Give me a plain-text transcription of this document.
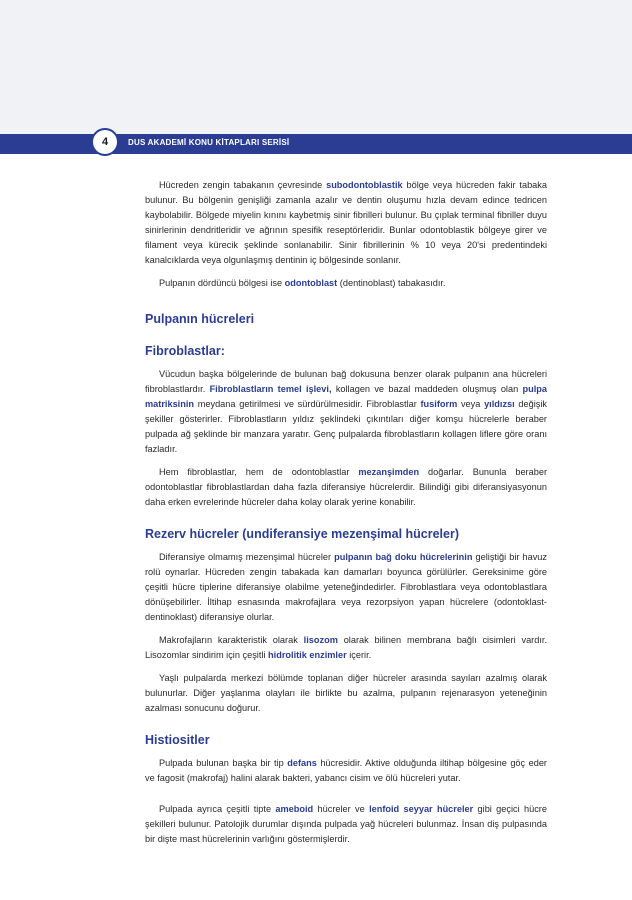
DUS AKADEMİ KONU KİTAPLARI SERİSİ
4

Hücreden zengin tabakanın çevresinde subodontoblastik bölge veya hücreden fakir tabaka bulunur. Bu bölgenin genişliği zamanla azalır ve dentin oluşumu hızla devam edince tedricen kaybolabilir. Bölgede miyelin kınını kaybetmiş sinir fibrilleri bulunur. Bu çıplak terminal fibriller duyu sinirlerinin dendritleridir ve ağrının spesifik reseptörleridir. Bunlar odontoblastik bölgeye girer ve filament veya kürecik şeklinde sonlanabilir. Sinir fibrillerinin % 10 veya 20'si predentindeki kanalcıklarda veya olgunlaşmış dentinin iç bölgesinde sonlanır.

Pulpanın dördüncü bölgesi ise odontoblast (dentinoblast) tabakasıdır.

Pulpanın hücreleri
Fibroblastlar:

Vücudun başka bölgelerinde de bulunan bağ dokusuna benzer olarak pulpanın ana hücreleri fibroblastlardır. Fibroblastların temel işlevi, kollagen ve bazal maddeden oluşmuş olan pulpa matriksinin meydana getirilmesi ve sürdürülmesidir. Fibroblastlar fusiform veya yıldızsı değişik şekiller gösterirler. Fibroblastların yıldız şeklindeki çıkıntıları diğer komşu hücrelerle beraber pulpada ağ şeklinde bir manzara yaratır. Genç pulpalarda fibroblastların kollagen liflere göre oranı fazladır.

Hem fibroblastlar, hem de odontoblastlar mezanşimden doğarlar. Bununla beraber odontoblastlar fibroblastlardan daha fazla diferansiye hücrelerdir. Bilindiği gibi diferansiyasyonun daha erken evrelerinde hücreler daha kolay olarak yerine konabilir.

Rezerv hücreler (undiferansiye mezenşimal hücreler)

Diferansiye olmamış mezenşimal hücreler pulpanın bağ doku hücrelerinin geliştiği bir havuz rolü oynarlar. Hücreden zengin tabakada kan damarları boyunca görülürler. Gereksinime göre çeşitli hücre tiplerine diferansiye olabilme yeteneğindedirler. Fibroblastlara veya odontoblastlara dönüşebilirler. İltihap esnasında makrofajlara veya rezorpsiyon yapan hücrelere (odontoklast-dentinoklast) diferansiye olurlar.

Makrofajların karakteristik olarak lisozom olarak bilinen membrana bağlı cisimleri vardır. Lisozomlar sindirim için çeşitli hidrolitik enzimler içerir.

Yaşlı pulpalarda merkezi bölümde toplanan diğer hücreler arasında sayıları azalmış olarak bulunurlar. Diğer yaşlanma olayları ile birlikte bu azalma, pulpanın rejenarasyon yeteneğinin azalması sonucunu doğurur.

Histiositler

Pulpada bulunan başka bir tip defans hücresidir. Aktive olduğunda iltihap bölgesine göç eder ve fagosit (makrofaj) halini alarak bakteri, yabancı cisim ve ölü hücreleri yutar.

Pulpada ayrıca çeşitli tipte ameboid hücreler ve lenfoid seyyar hücreler gibi geçici hücre şekilleri bulunur. Patolojik durumlar dışında pulpada yağ hücreleri bulunmaz. İnsan diş pulpasında bir dişte mast hücrelerinin varlığını göstermişlerdir.
